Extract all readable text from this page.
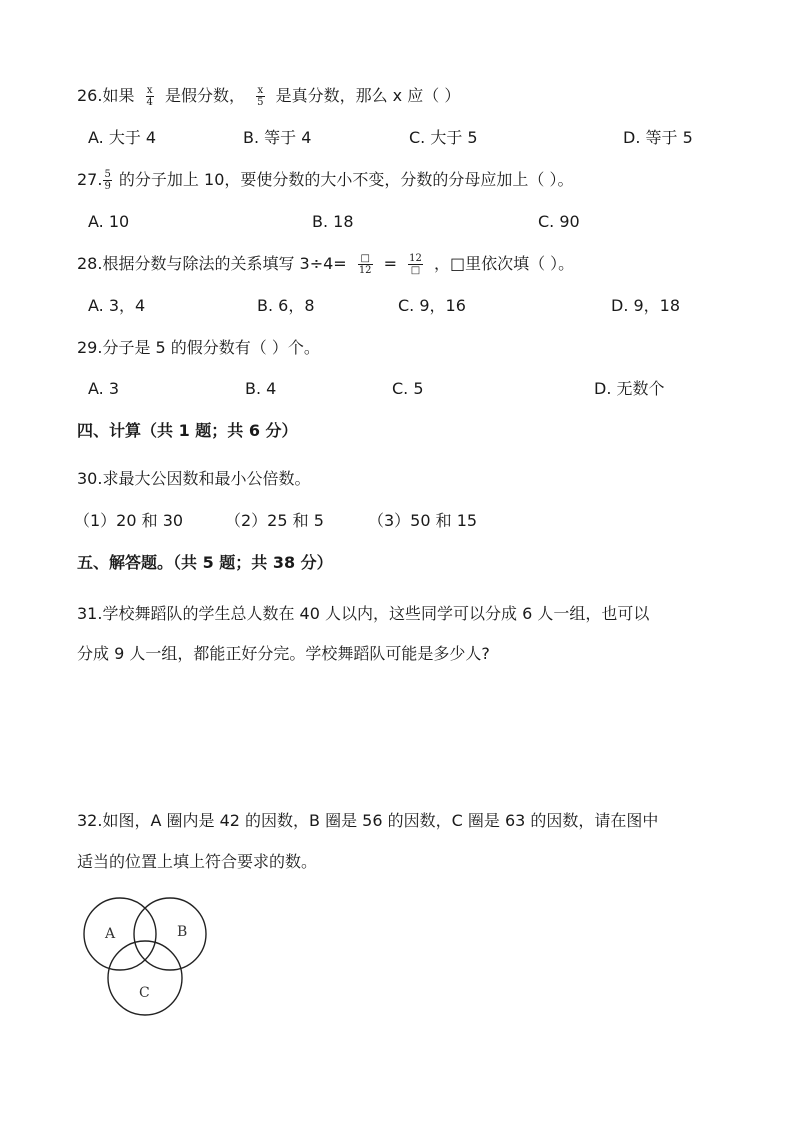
26.如果 $\frac{x}{4}$ 是假分数， $\frac{x}{5}$ 是真分数，那么 x 应（ ）
A. 大于 4	B. 等于 4	C. 大于 5	D. 等于 5
27. $\frac{5}{9}$ 的分子加上 10，要使分数的大小不变，分数的分母应加上（ ）。
A. 10	B. 18	C. 90
28.根据分数与除法的关系填写 $3\div 4= \frac{□}{12} = \frac{12}{□}$ ，□里依次填（ ）。
A. 3，4	B. 6，8	C. 9，16	D. 9，18
29.分子是 5 的假分数有（ ）个。
A. 3	B. 4	C. 5	D. 无数个
四、计算（共 1 题；共 6 分）
30.求最大公因数和最小公倍数。
（1）20 和 30	（2）25 和 5	（3）50 和 15
五、解答题。（共 5 题；共 38 分）
31.学校舞蹈队的学生总人数在 40 人以内，这些同学可以分成 6 人一组，也可以
分成 9 人一组，都能正好分完。学校舞蹈队可能是多少人?
32.如图，A 圈内是 42 的因数，B 圈是 56 的因数，C 圈是 63 的因数，请在图中
适当的位置上填上符合要求的数。
A	B
C
